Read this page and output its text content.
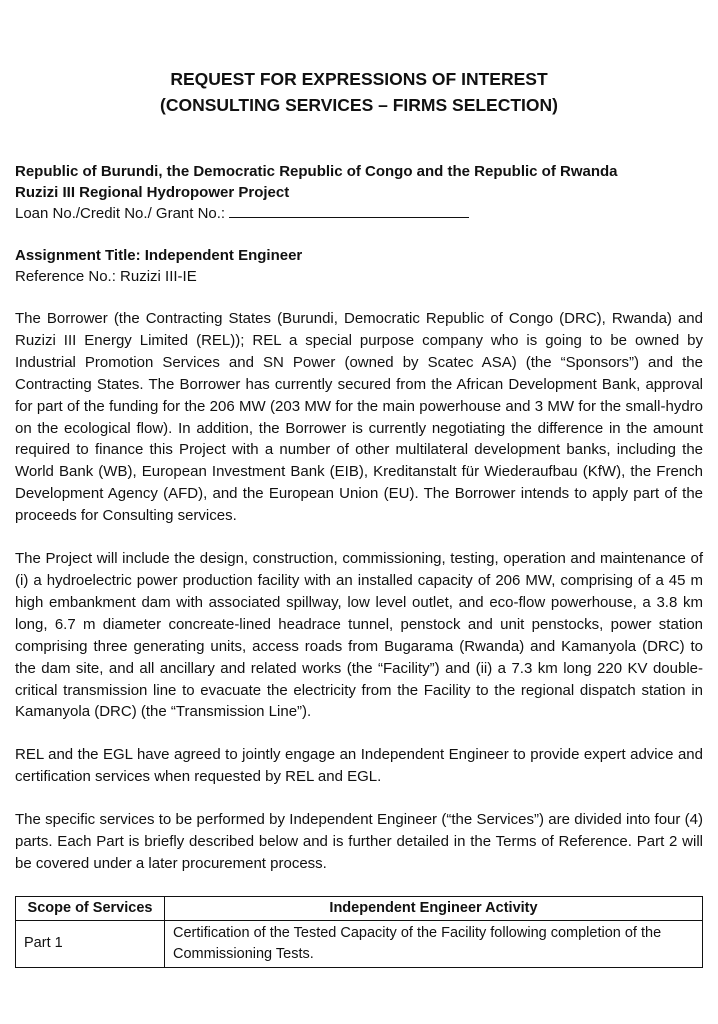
REQUEST FOR EXPRESSIONS OF INTEREST
(CONSULTING SERVICES – FIRMS SELECTION)
Republic of Burundi, the Democratic Republic of Congo and the Republic of Rwanda
Ruzizi III Regional Hydropower Project
Loan No./Credit No./ Grant No.:
Assignment Title: Independent Engineer
Reference No.: Ruzizi III-IE

The Borrower (the Contracting States (Burundi, Democratic Republic of Congo (DRC), Rwanda) and Ruzizi III Energy Limited (REL)); REL a special purpose company who is going to be owned by Industrial Promotion Services and SN Power (owned by Scatec ASA) (the “Sponsors”) and the Contracting States. The Borrower has currently secured from the African Development Bank, approval for part of the funding for the 206 MW (203 MW for the main powerhouse and 3 MW for the small-hydro on the ecological flow). In addition, the Borrower is currently negotiating the difference in the amount required to finance this Project with a number of other multilateral development banks, including the World Bank (WB), European Investment Bank (EIB), Kreditanstalt für Wiederaufbau (KfW), the French Development Agency (AFD), and the European Union (EU). The Borrower intends to apply part of the proceeds for Consulting services.

The Project will include the design, construction, commissioning, testing, operation and maintenance of (i) a hydroelectric power production facility with an installed capacity of 206 MW, comprising of a 45 m high embankment dam with associated spillway, low level outlet, and eco-flow powerhouse, a 3.8 km long, 6.7 m diameter concreate-lined headrace tunnel, penstock and unit penstocks, power station comprising three generating units, access roads from Bugarama (Rwanda) and Kamanyola (DRC) to the dam site, and all ancillary and related works (the “Facility”) and (ii) a 7.3 km long 220 KV double-critical transmission line to evacuate the electricity from the Facility to the regional dispatch station in Kamanyola (DRC) (the “Transmission Line”).

REL and the EGL have agreed to jointly engage an Independent Engineer to provide expert advice and certification services when requested by REL and EGL.

The specific services to be performed by Independent Engineer (“the Services”) are divided into four (4) parts. Each Part is briefly described below and is further detailed in the Terms of Reference. Part 2 will be covered under a later procurement process.

Scope of Services	Independent Engineer Activity
Part 1	Certification of the Tested Capacity of the Facility following completion of the Commissioning Tests.
